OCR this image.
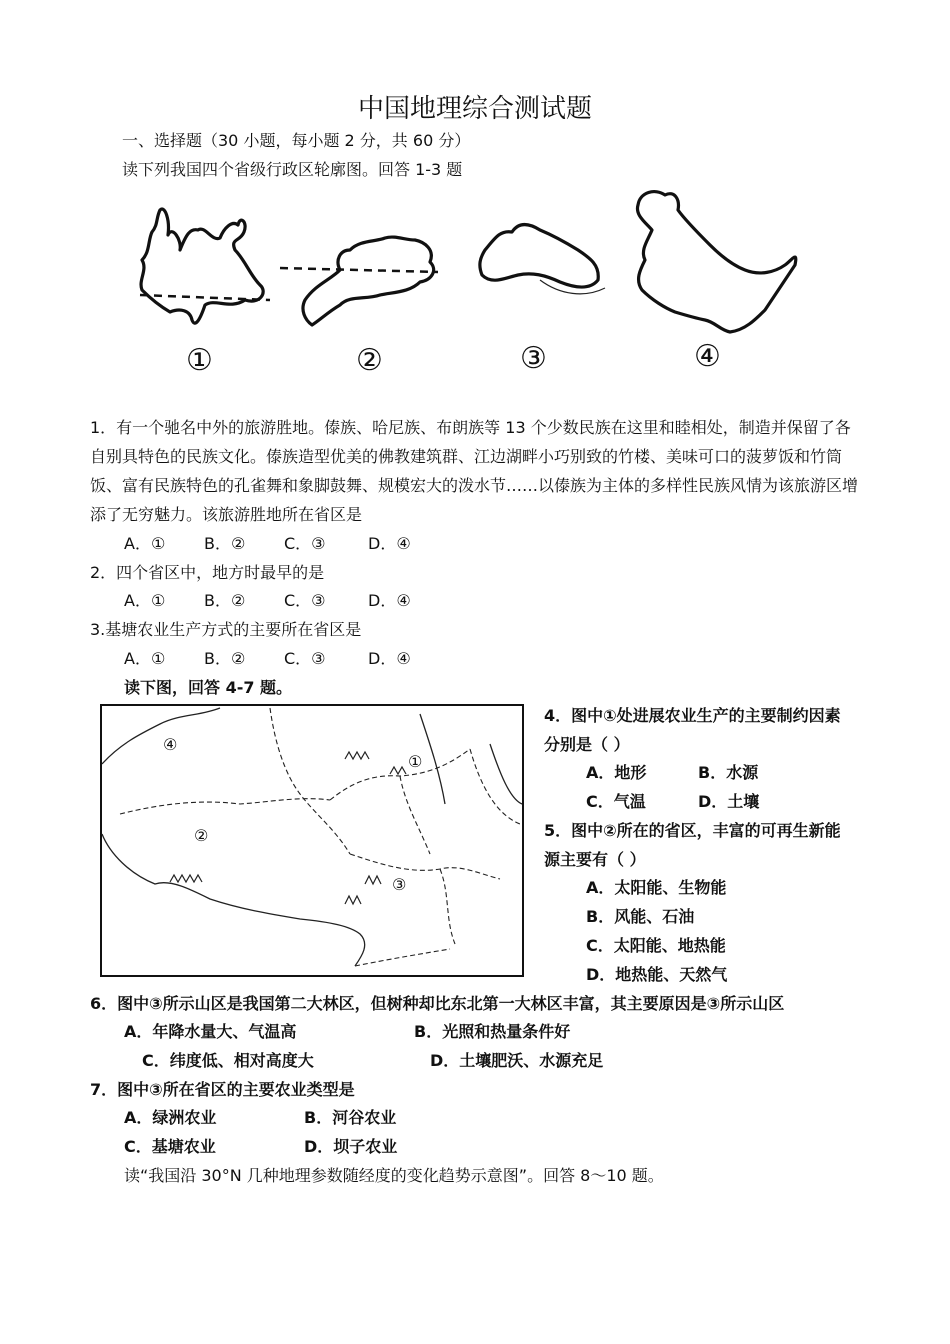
中国地理综合测试题
一、选择题（30 小题，每小题 2 分，共 60 分）
读下列我国四个省级行政区轮廓图。回答 1-3 题
①	②	③	④
1．有一个驰名中外的旅游胜地。傣族、哈尼族、布朗族等 13 个少数民族在这里和睦相处，制造并保留了各自别具特色的民族文化。傣族造型优美的佛教建筑群、江边湖畔小巧别致的竹楼、美味可口的菠萝饭和竹筒饭、富有民族特色的孔雀舞和象脚鼓舞、规模宏大的泼水节……以傣族为主体的多样性民族风情为该旅游区增添了无穷魅力。该旅游胜地所在省区是
A．① B．② C．③	D．④
2．四个省区中，地方时最早的是
A．① B．② C．③	D．④
3.基塘农业生产方式的主要所在省区是
A．① B．② C．③	D．④
读下图，回答 4-7 题。
④
①
②
③
4．图中①处进展农业生产的主要制约因素
分别是（ ）
A．地形	B．水源
C．气温	D．土壤
5．图中②所在的省区，丰富的可再生新能
源主要有（ ）
A．太阳能、生物能
B．风能、石油
C．太阳能、地热能
D．地热能、天然气
6．图中③所示山区是我国第二大林区，但树种却比东北第一大林区丰富，其主要原因是③所示山区
A．年降水量大、气温高	B．光照和热量条件好
C．纬度低、相对高度大	D．土壤肥沃、水源充足
7．图中③所在省区的主要农业类型是
A．绿洲农业	B．河谷农业
C．基塘农业	D．坝子农业
读“我国沿 30°N 几种地理参数随经度的变化趋势示意图”。回答 8～10 题。
